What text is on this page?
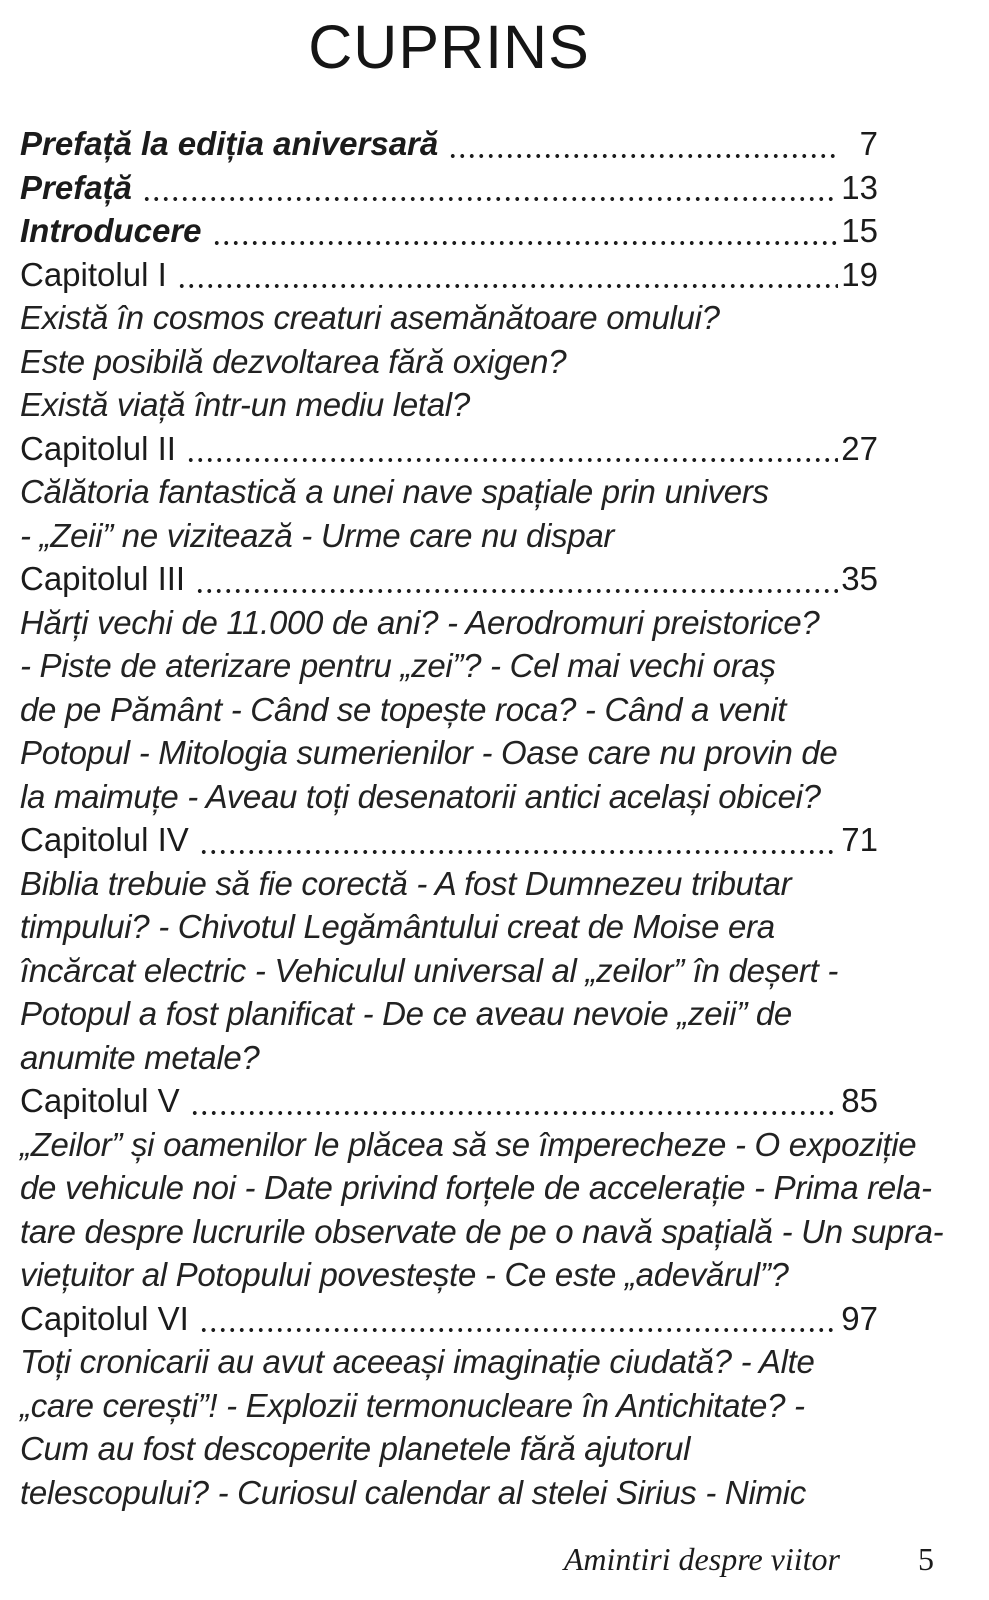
CUPRINS
Prefață la ediția aniversară	7
Prefață	13
Introducere	15
Capitolul I	19
Există în cosmos creaturi asemănătoare omului?
Este posibilă dezvoltarea fără oxigen?
Există viață într-un mediu letal?
Capitolul II	27
Călătoria fantastică a unei nave spațiale prin univers
- „Zeii” ne vizitează - Urme care nu dispar
Capitolul III	35
Hărți vechi de 11.000 de ani? - Aerodromuri preistorice?
- Piste de aterizare pentru „zei”? - Cel mai vechi oraș
de pe Pământ - Când se topește roca? - Când a venit
Potopul - Mitologia sumerienilor - Oase care nu provin de
la maimuțe - Aveau toți desenatorii antici același obicei?
Capitolul IV	71
Biblia trebuie să fie corectă - A fost Dumnezeu tributar
timpului? - Chivotul Legământului creat de Moise era
încărcat electric - Vehiculul universal al „zeilor” în deșert -
Potopul a fost planificat - De ce aveau nevoie „zeii” de
anumite metale?
Capitolul V	85
„Zeilor” și oamenilor le plăcea să se împerecheze - O expoziție
de vehicule noi - Date privind forțele de accelerație - Prima rela-
tare despre lucrurile observate de pe o navă spațială - Un supra-
viețuitor al Potopului povestește - Ce este „adevărul”?
Capitolul VI	97
Toți cronicarii au avut aceeași imaginație ciudată? - Alte
„care cerești”! - Explozii termonucleare în Antichitate? -
Cum au fost descoperite planetele fără ajutorul
telescopului? - Curiosul calendar al stelei Sirius - Nimic
Amintiri despre viitor 5
